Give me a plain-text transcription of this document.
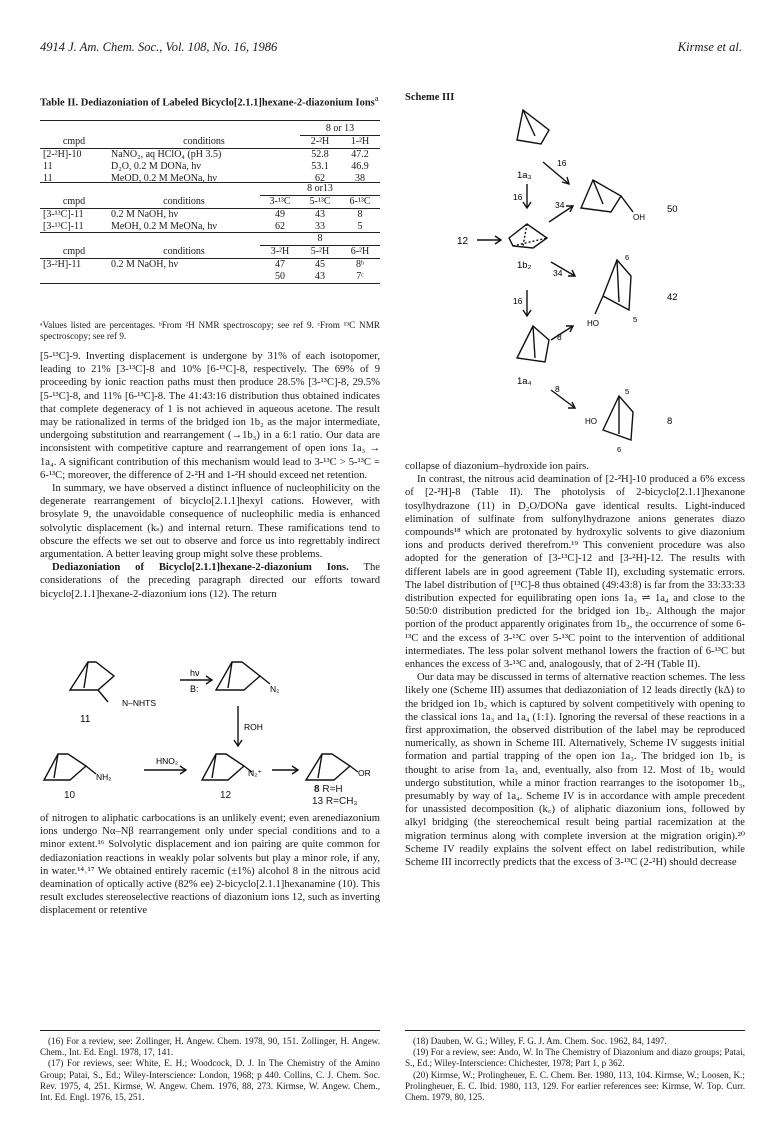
4914 J. Am. Chem. Soc., Vol. 108, No. 16, 1986	Kirmse et al.
Table II. Dediazoniation of Labeled Bicyclo[2.1.1]hexane-2-diazonium Ions$^a$
		8 or 13	
cmpd	conditions	2-²H	1-²H
[2-²H]-10	NaNO₂, aq HClO₄ (pH 3.5)	52.8	47.2
11	D₂O, 0.2 M DONa, hν	53.1	46.9
11	MeOD, 0.2 M MeONa, hν	62	38
		8 or13		
cmpd	conditions	3-¹³C	5-¹³C	6-¹³C
[3-¹³C]-11	0.2 M NaOH, hν	49	43	8
[3-¹³C]-11	MeOH, 0.2 M MeONa, hν	62	33	5
		8		
cmpd	conditions	3-²H	5-²H	6-²H
[3-²H]-11	0.2 M NaOH, hν	47	45	8ᵇ
		50	43	7ᶜ
ᵃValues listed are percentages. ᵇFrom ²H NMR spectroscopy; see ref 9. ᶜFrom ¹³C NMR spectroscopy; see ref 9.

[5-¹³C]-9. Inverting displacement is undergone by 31% of each isotopomer, leading to 21% [3-¹³C]-8 and 10% [6-¹³C]-8, respectively. The 69% of 9 proceeding by ionic reaction paths must then produce 28.5% [3-¹³C]-8, 29.5% [5-¹³C]-8, and 11% [6-¹³C]-8. The 41:43:16 distribution thus obtained indicates that complete degeneracy of 1 is not achieved in aqueous acetone. The result may be rationalized in terms of the bridged ion 1b₂ as the major intermediate, undergoing substitution and rearrangement (→1b₃) in a 6:1 ratio. Our data are inconsistent with competitive capture and rearrangement of open ions 1a₃ → 1a₄. A significant contribution of this mechanism would lead to 3-¹³C > 5-¹³C = 6-¹³C; moreover, the difference of 2-²H and 1-²H should exceed net retention.

In summary, we have observed a distinct influence of nucleophilicity on the degenerate rearrangement of bicyclo[2.1.1]hexyl cations. However, with brosylate 9, the unavoidable consequence of nucleophilic media is enhanced solvolytic displacement (kₛ) and internal return. These ramifications tend to obscure the effects we set out to observe and force us into regrettably indirect argumentation. A better leaving group might solve these problems.

Dediazoniation of Bicyclo[2.1.1]hexane-2-diazonium Ions. The considerations of the preceding paragraph directed our efforts toward bicyclo[2.1.1]hexane-2-diazonium ions (12). The return

N–NHTS
hν
B:	N₂
11
ROH
NH₂
HNO₂
N₂⁺	OR
10	12
8 R=H
13 R=CH₃

of nitrogen to aliphatic carbocations is an unlikely event; even arenediazonium ions undergo Nα–Nβ rearrangement only under special conditions and to a minor extent.¹⁶ Solvolytic displacement and ion pairing are quite common for dediazoniation reactions in weakly polar solvents but play a minor role, if any, in water.¹⁴˒¹⁷ We obtained entirely racemic (±1%) alcohol 8 in the nitrous acid deamination of optically active (82% ee) 2-bicyclo[2.1.1]hexanamine (10). This result excludes stereoselective reactions of diazonium ions 12, such as inverting displacement or retentive

(16) For a review, see: Zollinger, H. Angew. Chem. 1978, 90, 151. Zollinger, H. Angew. Chem., Int. Ed. Engl. 1978, 17, 141.

(17) For reviews, see: White, E. H.; Woodcock, D. J. In The Chemistry of the Amino Group; Patai, S., Ed.; Wiley-Interscience: London, 1968; p 440. Collins, C. J. Chem. Soc. Rev. 1975, 4, 251. Kirmse, W. Angew. Chem. 1976, 88, 273. Kirmse, W. Angew. Chem., Int. Ed. Engl. 1976, 15, 251.

Scheme III
1a₃
16
16
OH
50
34
12
1b₂
34
6
42
16
HO	5
8
1a₄
8	5
HO	8
6

collapse of diazonium–hydroxide ion pairs.

In contrast, the nitrous acid deamination of [2-²H]-10 produced a 6% excess of [2-²H]-8 (Table II). The photolysis of 2-bicyclo[2.1.1]hexanone tosylhydrazone (11) in D₂O/DONa gave identical results. Light-induced elimination of sulfinate from sulfonylhydrazone anions generates diazo compounds¹⁸ which are protonated by hydroxylic solvents to give diazonium ions and products derived therefrom.¹⁹ This convenient procedure was also adopted for the generation of [3-¹³C]-12 and [3-²H]-12. The results with different labels are in good agreement (Table II), excluding systematic errors. The label distribution of [¹³C]-8 thus obtained (49:43:8) is far from the 33:33:33 distribution expected for equilibrating open ions 1a₃ ⇌ 1a₄ and close to the 50:50:0 distribution predicted for the bridged ion 1b₂. Although the major portion of the product apparently originates from 1b₂, the occurrence of some 6-¹³C and the excess of 3-¹³C over 5-¹³C point to the intervention of additional intermediates. The less polar solvent methanol lowers the fraction of 6-¹³C but enhances the excess of 3-¹³C and, analogously, that of 2-²H (Table II).

Our data may be discussed in terms of alternative reaction schemes. The less likely one (Scheme III) assumes that dediazoniation of 12 leads directly (kΔ) to the bridged ion 1b₂ which is captured by solvent competitively with opening to the classical ions 1a₃ and 1a₄ (1:1). Ignoring the reversal of these reactions in a first approximation, the observed distribution of the label may be reproduced numerically, as shown in Scheme III. Alternatively, Scheme IV suggests initial formation and partial trapping of the open ion 1a₃. The bridged ion 1b₂ is thought to arise from 1a₃ and, eventually, also from 12. Most of 1b₂ would undergo substitution, while a minor fraction rearranges to the isotopomer 1b₃, presumably by way of 1a₄. Scheme IV is in accordance with ample precedent for unassisted decomposition (k꜀) of aliphatic diazonium ions, followed by alkyl bridging (the stereochemical result being partial racemization at the migration terminus along with complete inversion at the migration origin).²⁰ Scheme IV readily explains the solvent effect on label redistribution, while Scheme III incorrectly predicts that the excess of 3-¹³C (2-²H) should decrease

(18) Dauben, W. G.; Willey, F. G. J. Am. Chem. Soc. 1962, 84, 1497.

(19) For a review, see: Ando, W. In The Chemistry of Diazonium and diazo groups; Patai, S., Ed.; Wiley-Interscience: Chichester, 1978; Part 1, p 362.

(20) Kirmse, W.; Prolingheuer, E. C. Chem. Ber. 1980, 113, 104. Kirmse, W.; Loosen, K.; Prolingheuer, E. C. Ibid. 1980, 113, 129. For earlier references see: Kirmse, W. Top. Curr. Chem. 1979, 80, 125.
